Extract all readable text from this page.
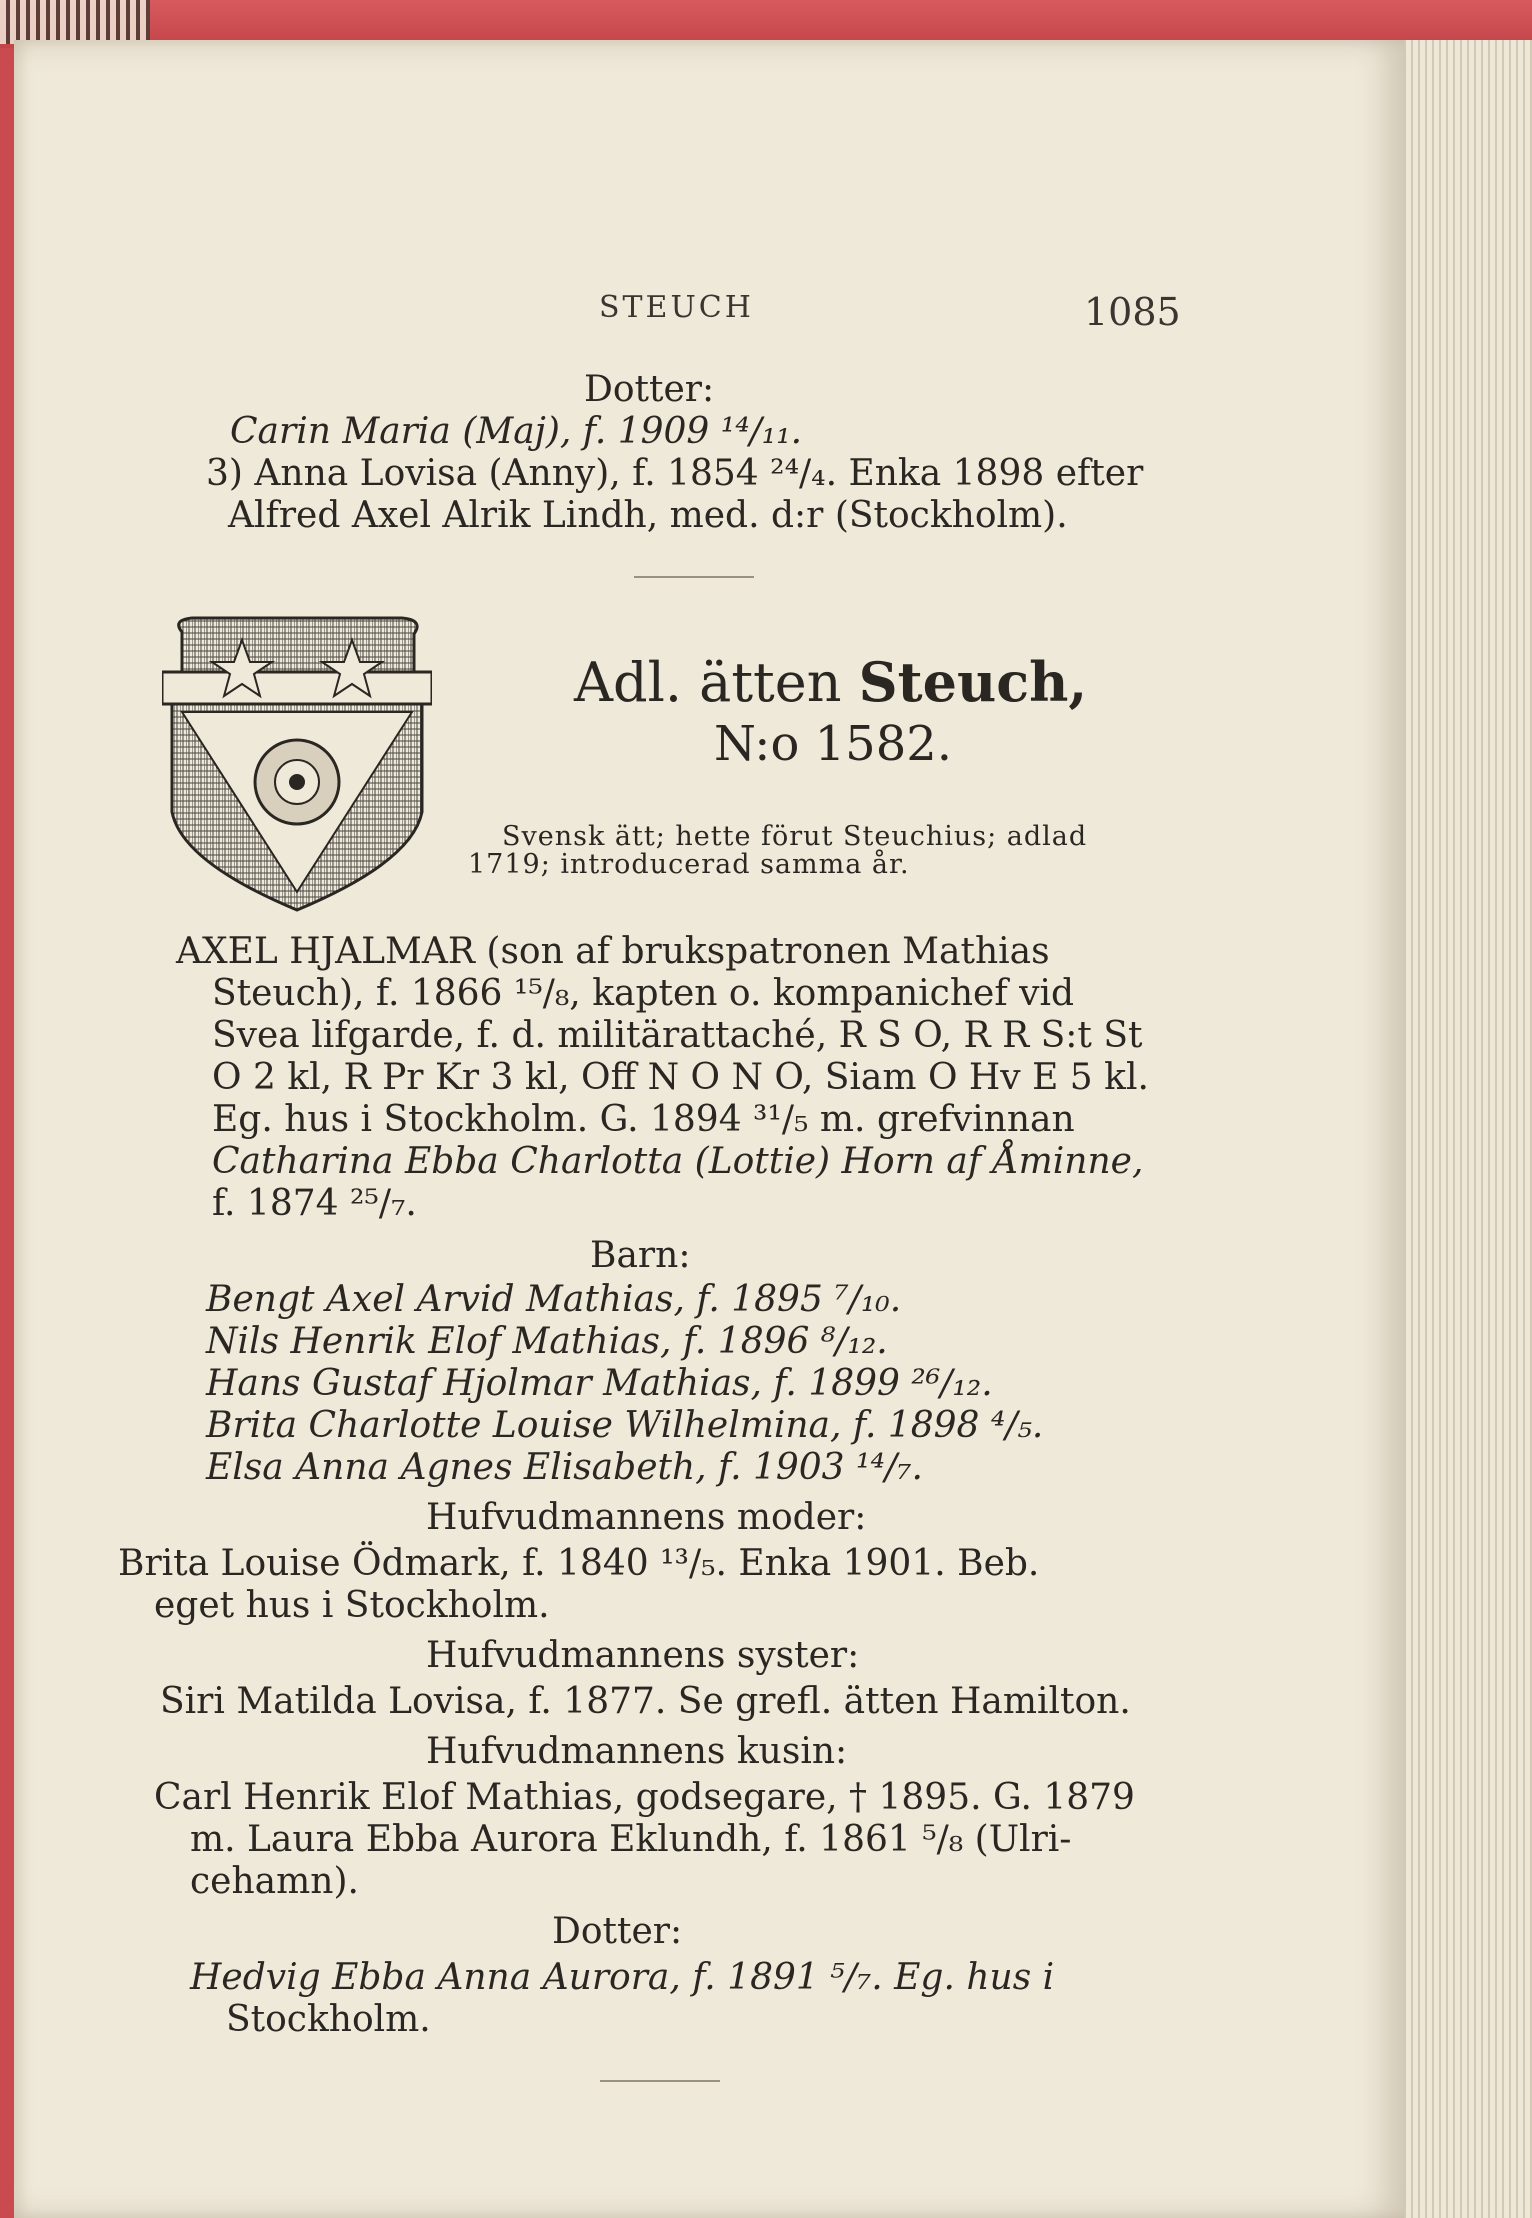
STEUCH	1085
Dotter:
Carin Maria (Maj), f. 1909 ¹⁴/₁₁.
3) Anna Lovisa (Anny), f. 1854 ²⁴/₄. Enka 1898 efter
Alfred Axel Alrik Lindh, med. d:r (Stockholm).
Adl. ätten Steuch,
N:o 1582.
Svensk ätt; hette förut Steuchius; adlad
1719; introducerad samma år.
AXEL HJALMAR (son af brukspatronen Mathias
Steuch), f. 1866 ¹⁵/₈, kapten o. kompanichef vid
Svea lifgarde, f. d. militärattaché, R S O, R R S:t St
O 2 kl, R Pr Kr 3 kl, Off N O N O, Siam O Hv E 5 kl.
Eg. hus i Stockholm. G. 1894 ³¹/₅ m. grefvinnan
Catharina Ebba Charlotta (Lottie) Horn af Åminne,
f. 1874 ²⁵/₇.
Barn:
Bengt Axel Arvid Mathias, f. 1895 ⁷/₁₀.
Nils Henrik Elof Mathias, f. 1896 ⁸/₁₂.
Hans Gustaf Hjolmar Mathias, f. 1899 ²⁶/₁₂.
Brita Charlotte Louise Wilhelmina, f. 1898 ⁴/₅.
Elsa Anna Agnes Elisabeth, f. 1903 ¹⁴/₇.
Hufvudmannens moder:
Brita Louise Ödmark, f. 1840 ¹³/₅. Enka 1901. Beb.
eget hus i Stockholm.
Hufvudmannens syster:
Siri Matilda Lovisa, f. 1877. Se grefl. ätten Hamilton.
Hufvudmannens kusin:
Carl Henrik Elof Mathias, godsegare, † 1895. G. 1879
m. Laura Ebba Aurora Eklundh, f. 1861 ⁵/₈ (Ulri-
cehamn).
Dotter:
Hedvig Ebba Anna Aurora, f. 1891 ⁵/₇. Eg. hus i
Stockholm.
